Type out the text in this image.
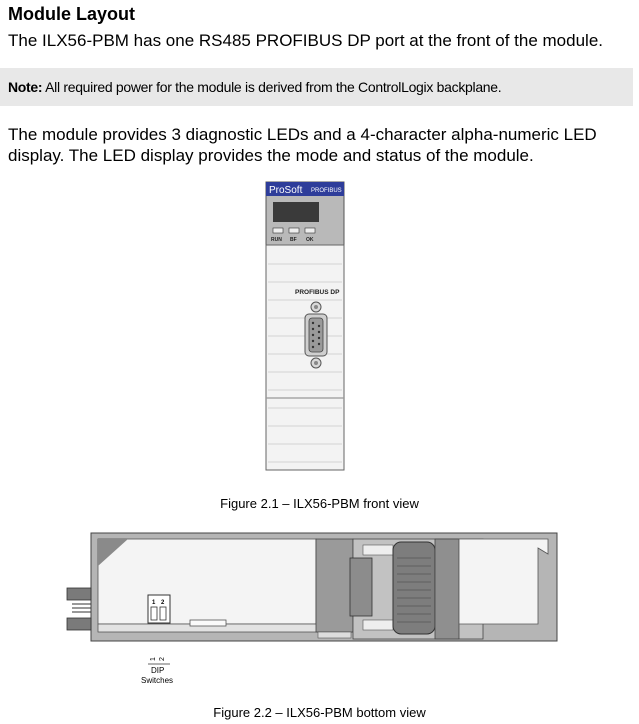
Module Layout
The ILX56-PBM has one RS485 PROFIBUS DP port at the front of the module.
Note: All required power for the module is derived from the ControlLogix backplane.
The module provides 3 diagnostic LEDs and a 4-character alpha-numeric LED display. The LED display provides the mode and status of the module.
ProSoft PROFIBUS
RUN BF OK
PROFIBUS DP
Figure 2.1 – ILX56-PBM front view
1 2
1 2
DIP
Switches
Figure 2.2 – ILX56-PBM bottom view
